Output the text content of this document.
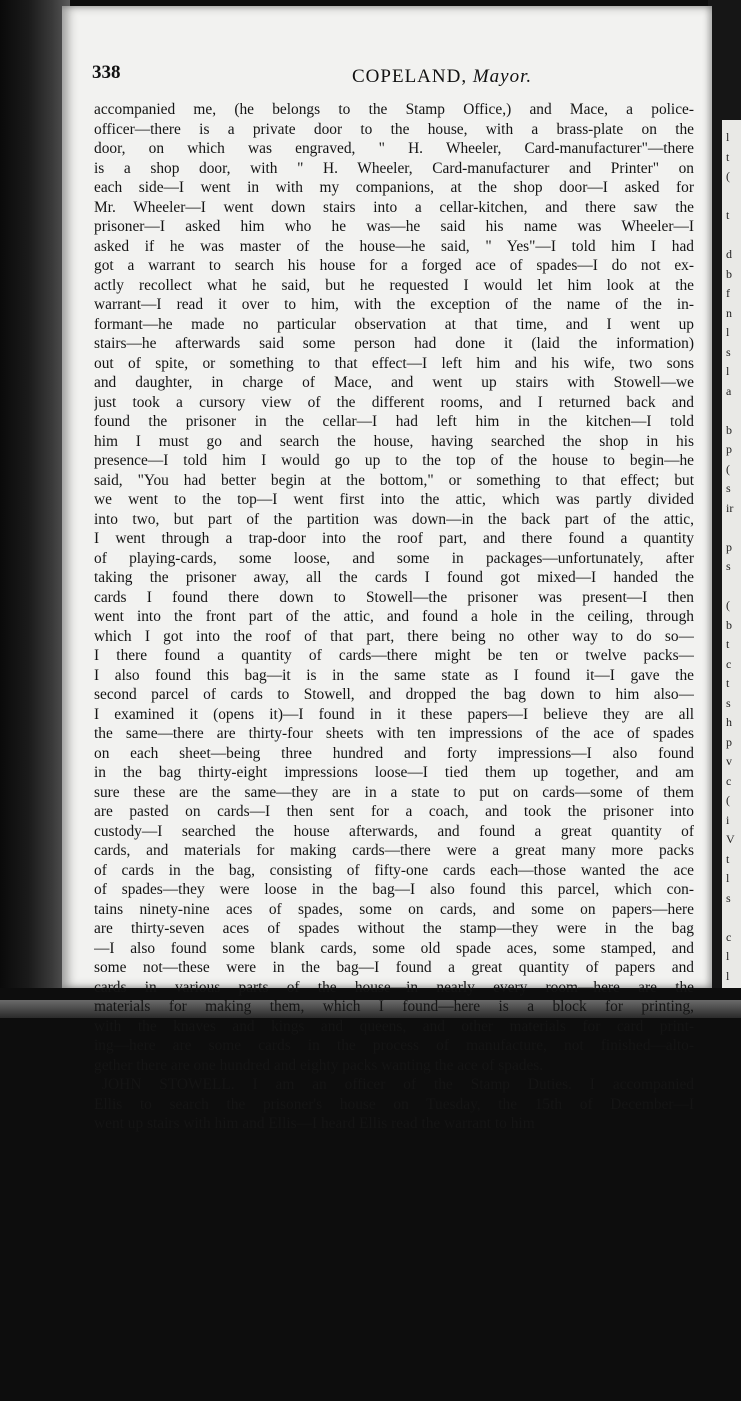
l
t
(
t
d
b
f
n
l
s
l
a
b
p
(
s
ir
p
s
(
b
t
c
t
s
h
p
v
c
(
i
V
t
l
s
c
l
l
338	COPELAND, Mayor.
accompanied me, (he belongs to the Stamp Office,) and Mace, a police-
officer—there is a private door to the house, with a brass-plate on the
door, on which was engraved, " H. Wheeler, Card-manufacturer"—there
is a shop door, with " H. Wheeler, Card-manufacturer and Printer" on
each side—I went in with my companions, at the shop door—I asked for
Mr. Wheeler—I went down stairs into a cellar-kitchen, and there saw the
prisoner—I asked him who he was—he said his name was Wheeler—I
asked if he was master of the house—he said, " Yes"—I told him I had
got a warrant to search his house for a forged ace of spades—I do not ex-
actly recollect what he said, but he requested I would let him look at the
warrant—I read it over to him, with the exception of the name of the in-
formant—he made no particular observation at that time, and I went up
stairs—he afterwards said some person had done it (laid the information)
out of spite, or something to that effect—I left him and his wife, two sons
and daughter, in charge of Mace, and went up stairs with Stowell—we
just took a cursory view of the different rooms, and I returned back and
found the prisoner in the cellar—I had left him in the kitchen—I told
him I must go and search the house, having searched the shop in his
presence—I told him I would go up to the top of the house to begin—he
said, "You had better begin at the bottom," or something to that effect; but
we went to the top—I went first into the attic, which was partly divided
into two, but part of the partition was down—in the back part of the attic,
I went through a trap-door into the roof part, and there found a quantity
of playing-cards, some loose, and some in packages—unfortunately, after
taking the prisoner away, all the cards I found got mixed—I handed the
cards I found there down to Stowell—the prisoner was present—I then
went into the front part of the attic, and found a hole in the ceiling, through
which I got into the roof of that part, there being no other way to do so—
I there found a quantity of cards—there might be ten or twelve packs—
I also found this bag—it is in the same state as I found it—I gave the
second parcel of cards to Stowell, and dropped the bag down to him also—
I examined it (opens it)—I found in it these papers—I believe they are all
the same—there are thirty-four sheets with ten impressions of the ace of spades
on each sheet—being three hundred and forty impressions—I also found
in the bag thirty-eight impressions loose—I tied them up together, and am
sure these are the same—they are in a state to put on cards—some of them
are pasted on cards—I then sent for a coach, and took the prisoner into
custody—I searched the house afterwards, and found a great quantity of
cards, and materials for making cards—there were a great many more packs
of cards in the bag, consisting of fifty-one cards each—those wanted the ace
of spades—they were loose in the bag—I also found this parcel, which con-
tains ninety-nine aces of spades, some on cards, and some on papers—here
are thirty-seven aces of spades without the stamp—they were in the bag
—I also found some blank cards, some old spade aces, some stamped, and
some not—these were in the bag—I found a great quantity of papers and
cards in various parts of the house—in nearly every room—here are the
materials for making them, which I found—here is a block for printing,
with the knaves and kings and queens, and other materials for card print-
ing—here are some cards in the process of manufacture, not finished—alto-
gether there are one hundred and eighty packs wanting the ace of spades.
JOHN STOWELL. I am an officer of the Stamp Duties. I accompanied
Ellis to search the prisoner's house on Tuesday, the 15th of December—I
went up stairs with him and Ellis—I heard Ellis read the warrant to him
